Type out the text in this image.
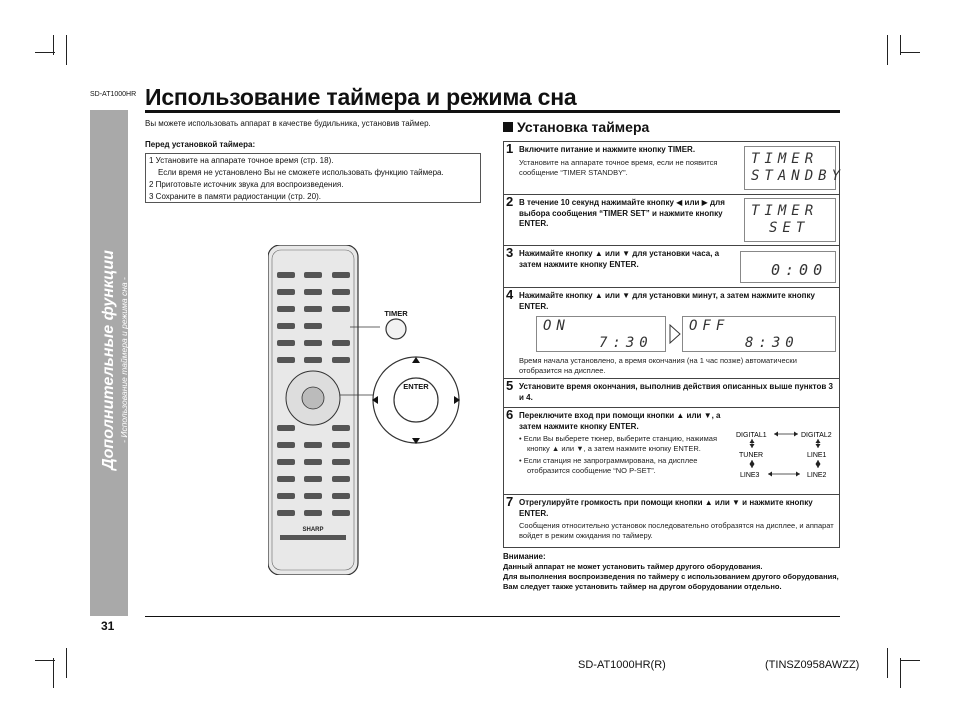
SD-AT1000HR Использование таймера и режима сна
Дополнительные функции - Использование таймера и режима сна -
Вы можете использовать аппарат в качестве будильника, установив таймер.
Перед установкой таймера:
1 Установите на аппарате точное время (стр. 18).
Если время не установлено Вы не сможете использовать функцию таймера.
2 Приготовьте источник звука для воспроизведения.
3 Сохраните в памяти радиостанции (стр. 20).
SHARP
TIMER
ENTER
Установка таймера
1 Включите питание и нажмите кнопку TIMER.
Установите на аппарате точное время, если не появится сообщение “TIMER STANDBY”.
TIMER
STANDBY
2 В течение 10 секунд нажимайте кнопку ◀ или ▶ для выбора сообщения “TIMER SET” и нажмите кнопку ENTER.
TIMER
SET
3 Нажимайте кнопку ▲ или ▼ для установки часа, а затем нажмите кнопку ENTER.	0:00
4 Нажимайте кнопку ▲ или ▼ для установки минут, а затем нажмите кнопку ENTER.
ON
7:30
OFF
8:30
Время начала установлено, а время окончания (на 1 час позже) автоматически отобразится на дисплее.
5 Установите время окончания, выполнив действия описанных выше пунктов 3 и 4.
6 Переключите вход при помощи кнопки ▲ или ▼, а затем нажмите кнопку ENTER.
• Если Вы выберете тюнер, выберите станцию, нажимая кнопку ▲ или ▼, а затем нажмите кнопку ENTER.
• Если станция не запрограммирована, на дисплее отобразится сообщение “NO P-SET”.
DIGITAL1	DIGITAL2
TUNER	LINE1
LINE3	LINE2
7 Отрегулируйте громкость при помощи кнопки ▲ или ▼ и нажмите кнопку ENTER.
Сообщения относительно установок последовательно отобразятся на дисплее, и аппарат войдет в режим ожидания по таймеру.
Внимание:
Данный аппарат не может установить таймер другого оборудования.
Для выполнения воспроизведения по таймеру с использованием другого оборудования, Вам следует также установить таймер на другом оборудовании отдельно.
31
SD-AT1000HR(R)	(TINSZ0958AWZZ)
